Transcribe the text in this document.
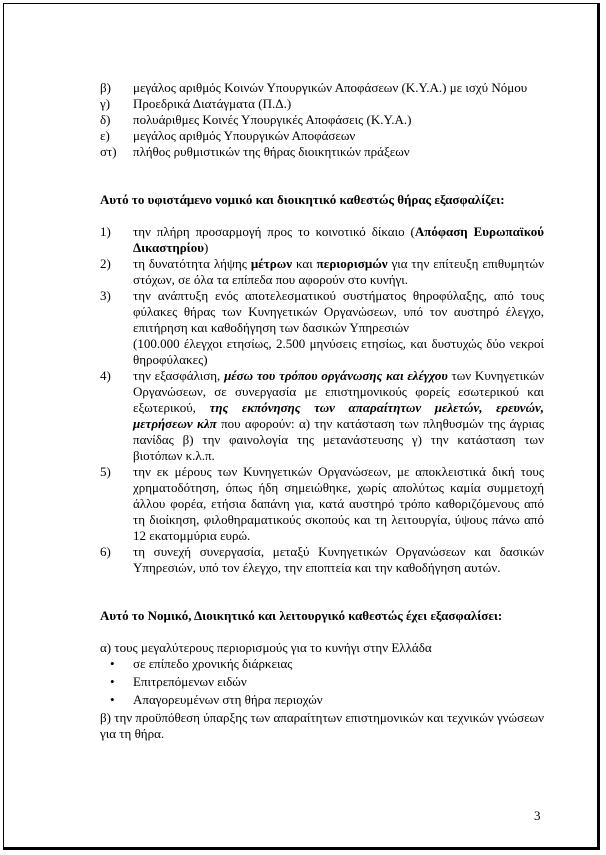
β)	μεγάλος αριθμός Κοινών Υπουργικών Αποφάσεων (Κ.Υ.Α.) με ισχύ Νόμου
γ)	Προεδρικά Διατάγματα (Π.Δ.)
δ)	πολυάριθμες Κοινές Υπουργικές Αποφάσεις (Κ.Υ.Α.)
ε)	μεγάλος αριθμός Υπουργικών Αποφάσεων
στ)	πλήθος ρυθμιστικών της θήρας διοικητικών πράξεων
Αυτό το υφιστάμενο νομικό και διοικητικό καθεστώς θήρας εξασφαλίζει:
1)	την πλήρη προσαρμογή προς το κοινοτικό δίκαιο (Απόφαση Ευρωπαϊκού Δικαστηρίου)
2)	τη δυνατότητα λήψης μέτρων και περιορισμών για την επίτευξη επιθυμητών στόχων, σε όλα τα επίπεδα που αφορούν στο κυνήγι.
3)	την ανάπτυξη ενός αποτελεσματικού συστήματος θηροφύλαξης, από τους φύλακες θήρας των Κυνηγετικών Οργανώσεων, υπό τον αυστηρό έλεγχο, επιτήρηση και καθοδήγηση των δασικών Υπηρεσιών
(100.000 έλεγχοι ετησίως, 2.500 μηνύσεις ετησίως, και δυστυχώς δύο νεκροί θηροφύλακες)
4)	την εξασφάλιση, μέσω του τρόπου οργάνωσης και ελέγχου των Κυνηγετικών Οργανώσεων, σε συνεργασία με επιστημονικούς φορείς εσωτερικού και εξωτερικού, της εκπόνησης των απαραίτητων μελετών, ερευνών, μετρήσεων κλπ που αφορούν: α) την κατάσταση των πληθυσμών της άγριας πανίδας β) την φαινολογία της μετανάστευσης γ) την κατάσταση των βιοτόπων κ.λ.π.
5)	την εκ μέρους των Κυνηγετικών Οργανώσεων, με αποκλειστικά δική τους χρηματοδότηση, όπως ήδη σημειώθηκε, χωρίς απολύτως καμία συμμετοχή άλλου φορέα, ετήσια δαπάνη για, κατά αυστηρό τρόπο καθοριζόμενους από τη διοίκηση, φιλοθηραματικούς σκοπούς και τη λειτουργία, ύψους πάνω από 12 εκατομμύρια ευρώ.
6)	τη συνεχή συνεργασία, μεταξύ Κυνηγετικών Οργανώσεων και δασικών Υπηρεσιών, υπό τον έλεγχο, την εποπτεία και την καθοδήγηση αυτών.
Αυτό το Νομικό, Διοικητικό και λειτουργικό καθεστώς έχει εξασφαλίσει:
α) τους μεγαλύτερους περιορισμούς για το κυνήγι στην Ελλάδα
•	σε επίπεδο χρονικής διάρκειας
•	Επιτρεπόμενων ειδών
•	Απαγορευμένων στη θήρα περιοχών
β) την προϋπόθεση ύπαρξης των απαραίτητων επιστημονικών και τεχνικών γνώσεων για τη θήρα.
3
